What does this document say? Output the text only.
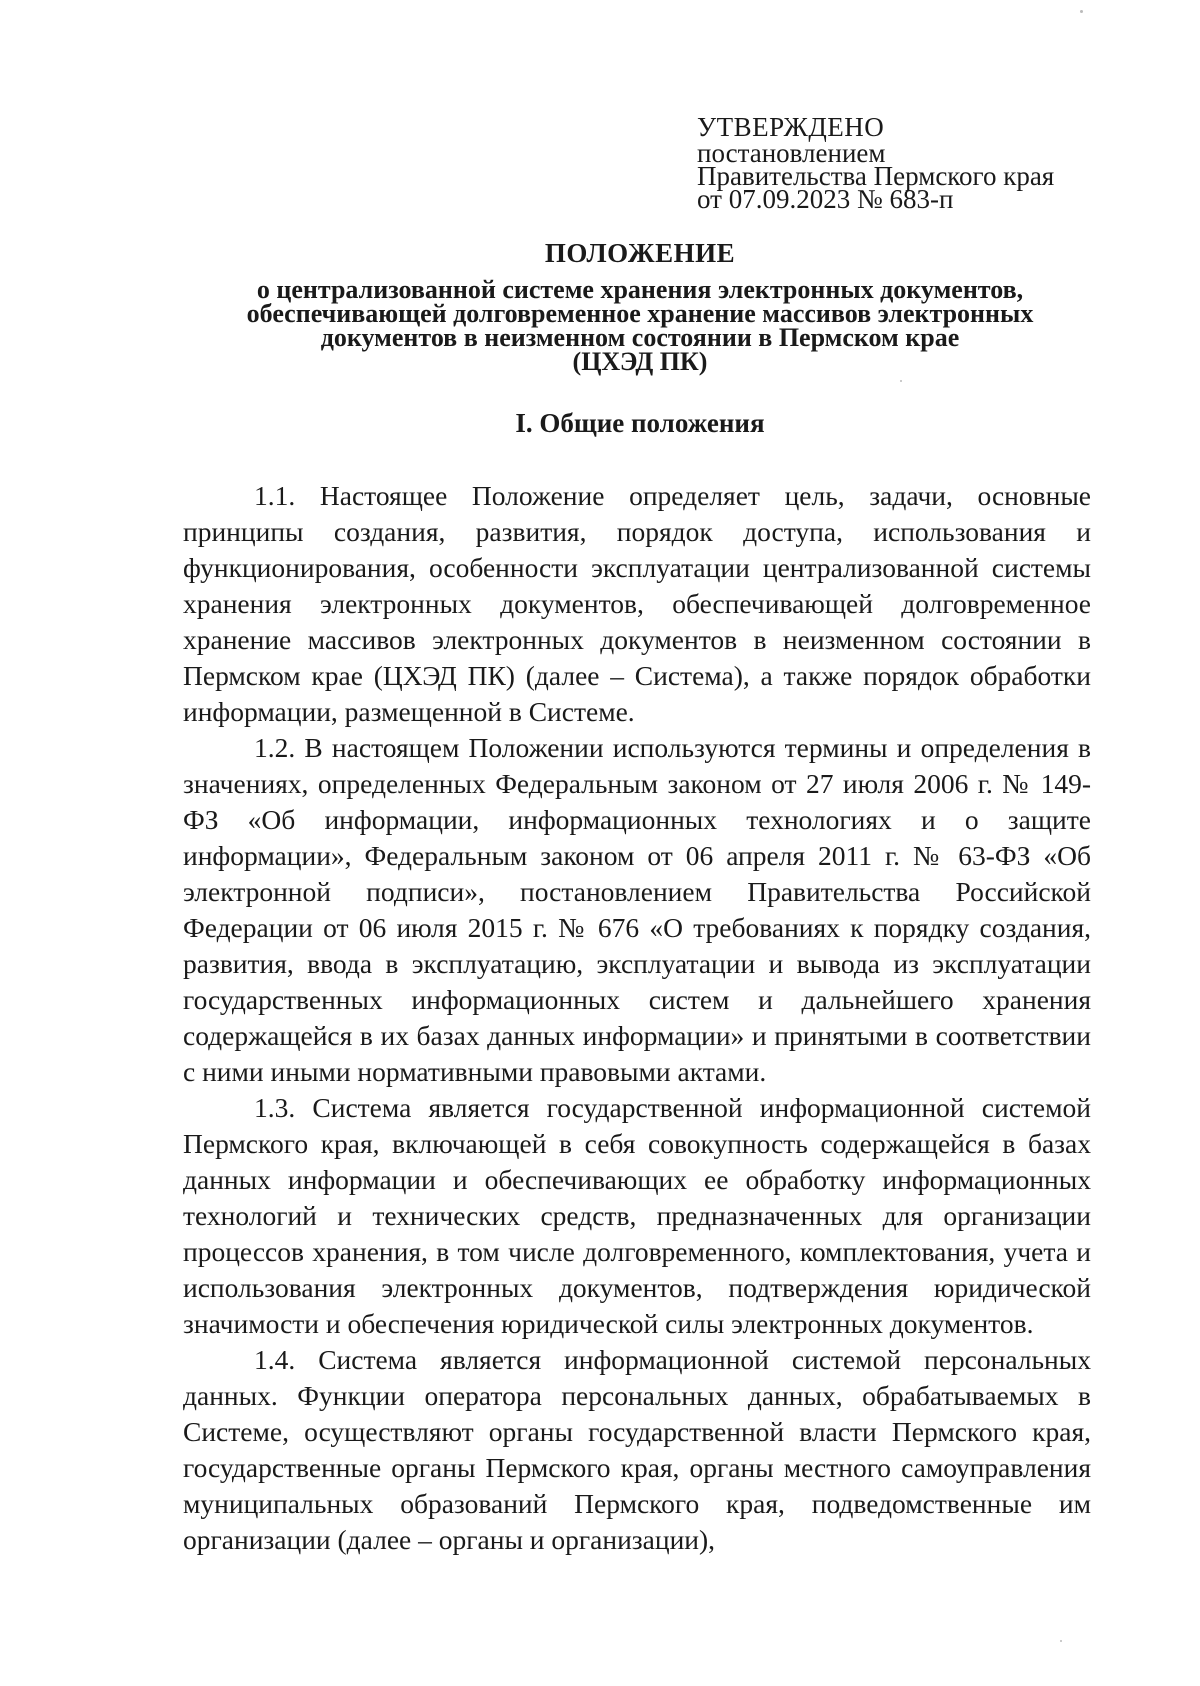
УТВЕРЖДЕНО
постановлением
Правительства Пермского края
от 07.09.2023 № 683-п
ПОЛОЖЕНИЕ
о централизованной системе хранения электронных документов,
обеспечивающей долговременное хранение массивов электронных
документов в неизменном состоянии в Пермском крае
(ЦХЭД ПК)
I. Общие положения

1.1. Настоящее Положение определяет цель, задачи, основные принципы создания, развития, порядок доступа, использования и функционирования, особенности эксплуатации централизованной системы хранения электронных документов, обеспечивающей долговременное хранение массивов электронных документов в неизменном состоянии в Пермском крае (ЦХЭД ПК) (далее – Система), а также порядок обработки информации, размещенной в Системе.

1.2. В настоящем Положении используются термины и определения в значениях, определенных Федеральным законом от 27 июля 2006 г. № 149-ФЗ «Об информации, информационных технологиях и о защите информации», Федеральным законом от 06 апреля 2011 г. № 63-ФЗ «Об электронной подписи», постановлением Правительства Российской Федерации от 06 июля 2015 г. № 676 «О требованиях к порядку создания, развития, ввода в эксплуатацию, эксплуатации и вывода из эксплуатации государственных информационных систем и дальнейшего хранения содержащейся в их базах данных информации» и принятыми в соответствии с ними иными нормативными правовыми актами.

1.3. Система является государственной информационной системой Пермского края, включающей в себя совокупность содержащейся в базах данных информации и обеспечивающих ее обработку информационных технологий и технических средств, предназначенных для организации процессов хранения, в том числе долговременного, комплектования, учета и использования электронных документов, подтверждения юридической значимости и обеспечения юридической силы электронных документов.

1.4. Система является информационной системой персональных данных. Функции оператора персональных данных, обрабатываемых в Системе, осуществляют органы государственной власти Пермского края, государственные органы Пермского края, органы местного самоуправления муниципальных образований Пермского края, подведомственные им организации (далее – органы и организации),
